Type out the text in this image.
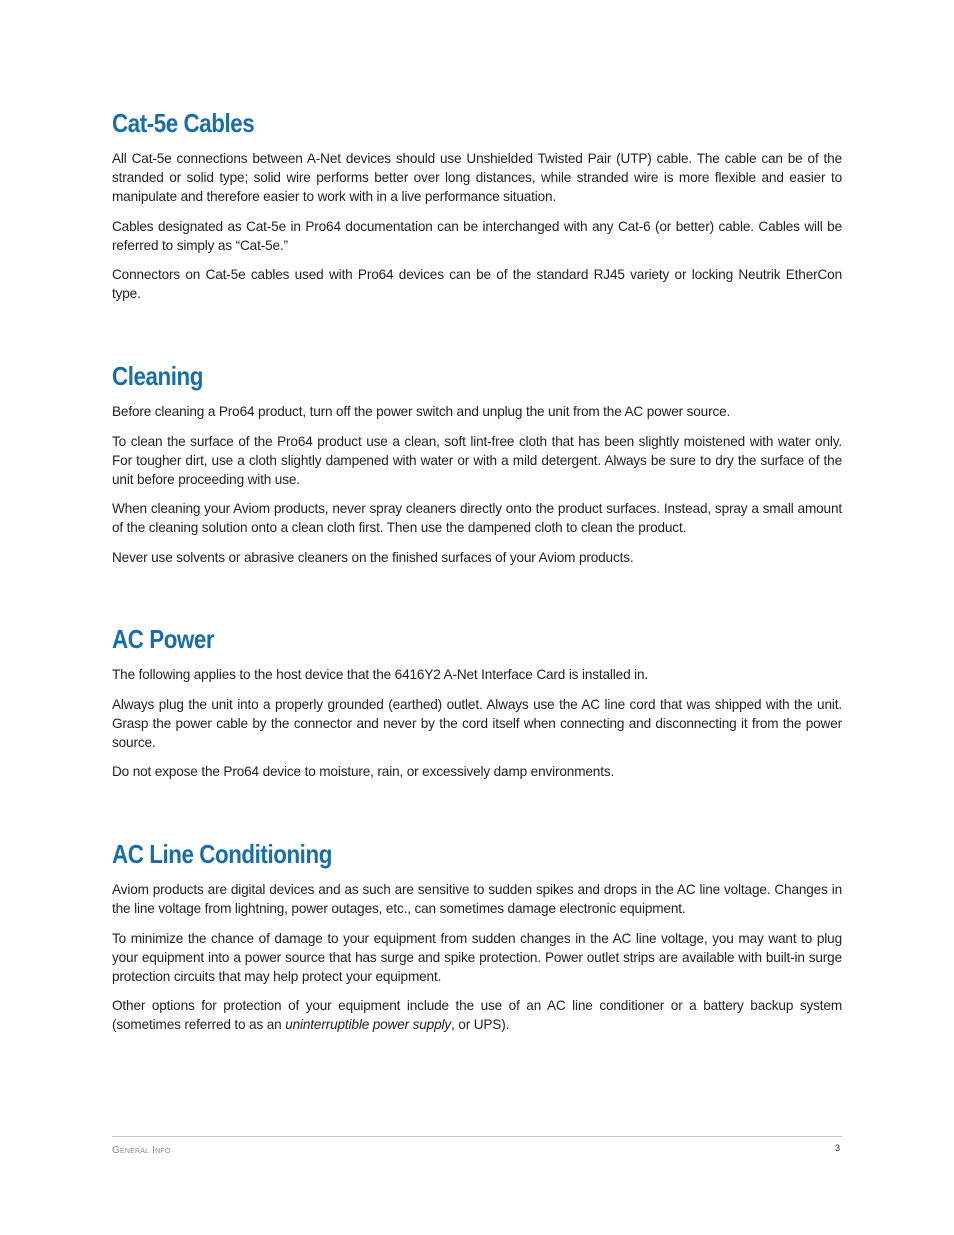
Cat-5e Cables

All Cat-5e connections between A-Net devices should use Unshielded Twisted Pair (UTP) cable. The cable can be of the stranded or solid type; solid wire performs better over long distances, while stranded wire is more flexible and easier to manipulate and therefore easier to work with in a live performance situation.

Cables designated as Cat-5e in Pro64 documentation can be interchanged with any Cat-6 (or better) cable. Cables will be referred to simply as “Cat-5e.”

Connectors on Cat-5e cables used with Pro64 devices can be of the standard RJ45 variety or locking Neutrik EtherCon type.

Cleaning

Before cleaning a Pro64 product, turn off the power switch and unplug the unit from the AC power source.

To clean the surface of the Pro64 product use a clean, soft lint-free cloth that has been slightly moistened with water only. For tougher dirt, use a cloth slightly dampened with water or with a mild detergent. Always be sure to dry the surface of the unit before proceeding with use.

When cleaning your Aviom products, never spray cleaners directly onto the product surfaces. Instead, spray a small amount of the cleaning solution onto a clean cloth first. Then use the dampened cloth to clean the product.

Never use solvents or abrasive cleaners on the finished surfaces of your Aviom products.

AC Power

The following applies to the host device that the 6416Y2 A-Net Interface Card is installed in.

Always plug the unit into a properly grounded (earthed) outlet. Always use the AC line cord that was shipped with the unit. Grasp the power cable by the connector and never by the cord itself when connecting and disconnecting it from the power source.

Do not expose the Pro64 device to moisture, rain, or excessively damp environments.

AC Line Conditioning

Aviom products are digital devices and as such are sensitive to sudden spikes and drops in the AC line voltage. Changes in the line voltage from lightning, power outages, etc., can sometimes damage electronic equipment.

To minimize the chance of damage to your equipment from sudden changes in the AC line voltage, you may want to plug your equipment into a power source that has surge and spike protection. Power outlet strips are available with built-in surge protection circuits that may help protect your equipment.

Other options for protection of your equipment include the use of an AC line conditioner or a battery backup system (sometimes referred to as an uninterruptible power supply, or UPS).

General Info	3
